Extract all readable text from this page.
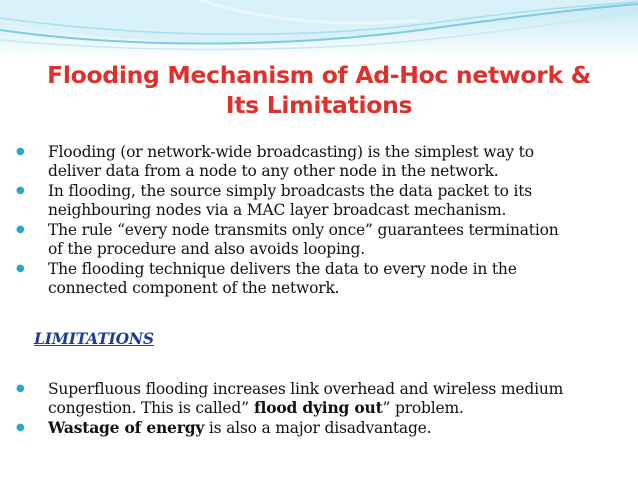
Flooding Mechanism of Ad-Hoc network &
Its Limitations
● Flooding (or network-wide broadcasting) is the simplest way to
deliver data from a node to any other node in the network.
● In flooding, the source simply broadcasts the data packet to its
neighbouring nodes via a MAC layer broadcast mechanism.
● The rule “every node transmits only once” guarantees termination
of the procedure and also avoids looping.
● The flooding technique delivers the data to every node in the
connected component of the network.
LIMITATIONS
● Superfluous flooding increases link overhead and wireless medium
congestion. This is called” flood dying out” problem.
● Wastage of energy is also a major disadvantage.
